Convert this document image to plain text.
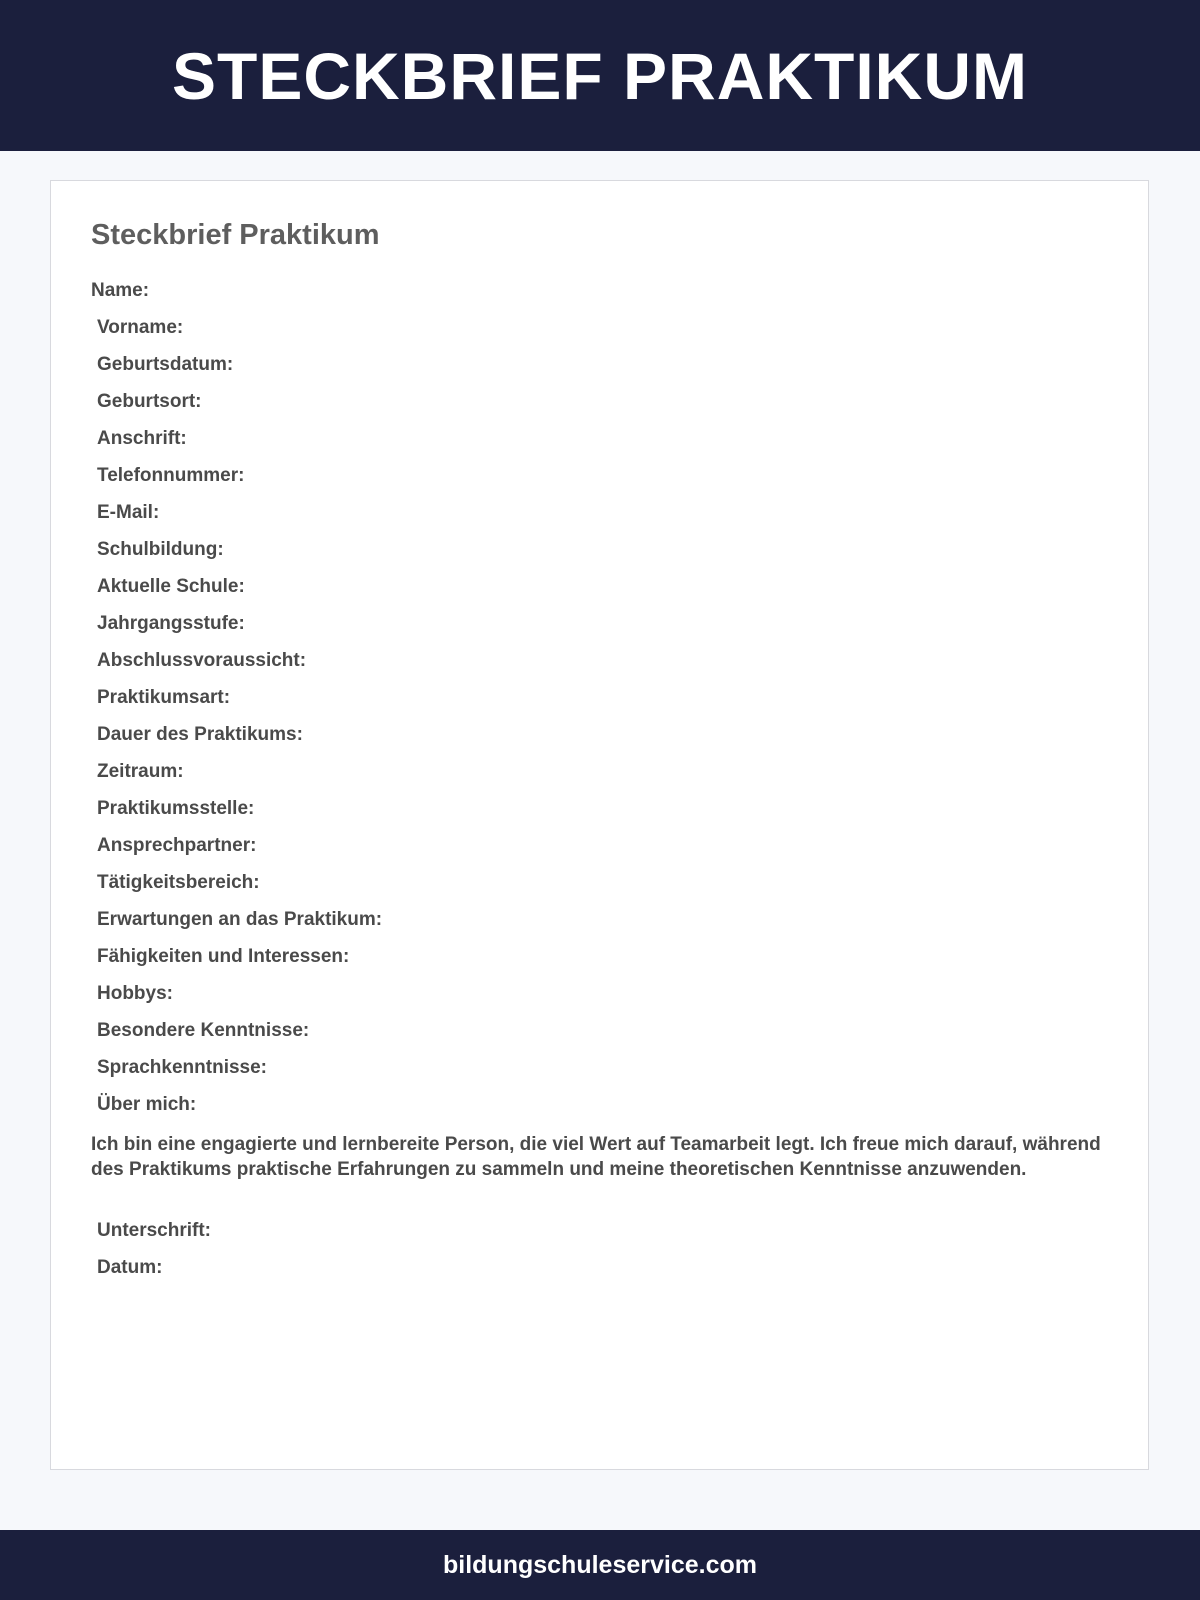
STECKBRIEF PRAKTIKUM
Steckbrief Praktikum
Name:
Vorname:
Geburtsdatum:
Geburtsort:
Anschrift:
Telefonnummer:
E-Mail:
Schulbildung:
Aktuelle Schule:
Jahrgangsstufe:
Abschlussvoraussicht:
Praktikumsart:
Dauer des Praktikums:
Zeitraum:
Praktikumsstelle:
Ansprechpartner:
Tätigkeitsbereich:
Erwartungen an das Praktikum:
Fähigkeiten und Interessen:
Hobbys:
Besondere Kenntnisse:
Sprachkenntnisse:
Über mich:

Ich bin eine engagierte und lernbereite Person, die viel Wert auf Teamarbeit legt. Ich freue mich darauf, während des Praktikums praktische Erfahrungen zu sammeln und meine theoretischen Kenntnisse anzuwenden.

Unterschrift:
Datum:
bildungschuleservice.com
